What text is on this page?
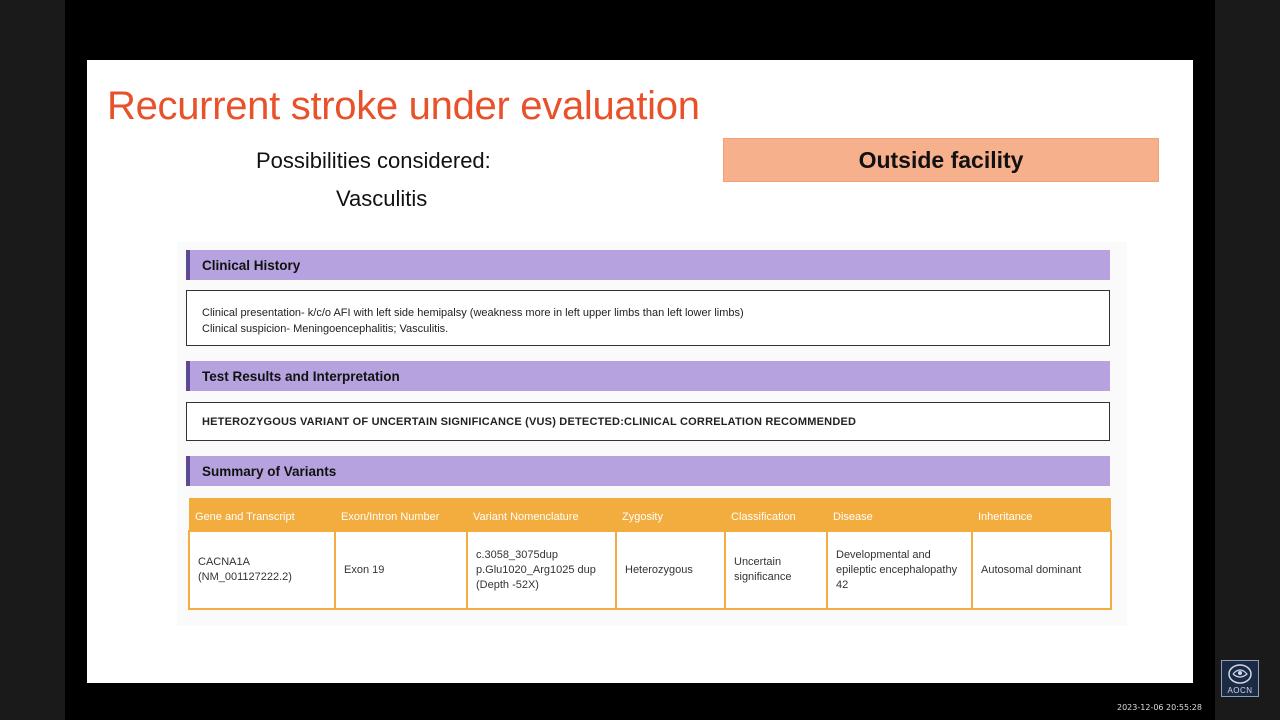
Recurrent stroke under evaluation
Possibilities considered:
Vasculitis
Outside facility
Clinical History
Clinical presentation- k/c/o AFI with left side hemipalsy (weakness more in left upper limbs than left lower limbs)
Clinical suspicion- Meningoencephalitis; Vasculitis.
Test Results and Interpretation
HETEROZYGOUS VARIANT OF UNCERTAIN SIGNIFICANCE (VUS) DETECTED:CLINICAL CORRELATION RECOMMENDED
Summary of Variants
Gene and Transcript	Exon/Intron Number	Variant Nomenclature	Zygosity	Classification	Disease	Inheritance
CACNA1A (NM_001127222.2)	Exon 19	c.3058_3075dup p.Glu1020_Arg1025 dup (Depth -52X)	Heterozygous	Uncertain significance	Developmental and epileptic encephalopathy 42	Autosomal dominant
AOCN
2023-12-06 20:55:28
